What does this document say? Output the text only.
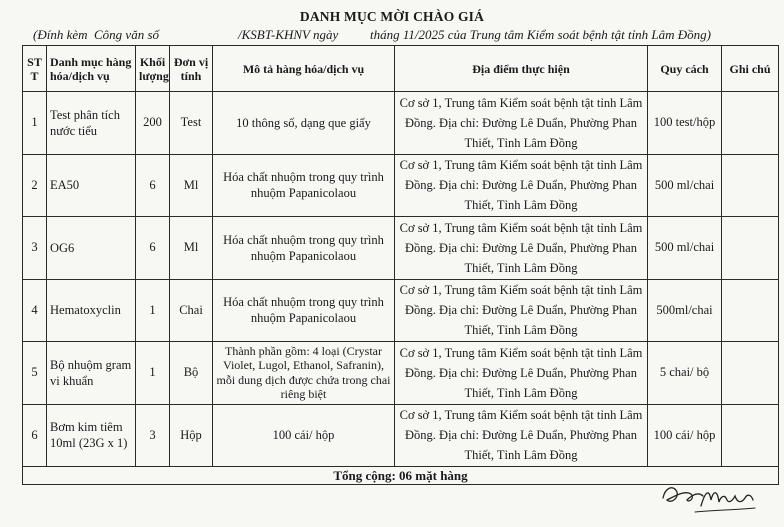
DANH MỤC MỜI CHÀO GIÁ

(Đính kèm  Công văn số

	/KSBT-KHNV ngày

tháng 11/2025 của Trung tâm Kiểm soát bệnh tật tỉnh Lâm Đồng)

ST T	Danh mục hàng hóa/dịch vụ	Khối lượng	Đơn vị tính	Mô tả hàng hóa/dịch vụ	Địa điểm thực hiện	Quy cách	Ghi chú
1	Test phân tích nước tiểu	200	Test	10 thông số, dạng que giấy	Cơ sở 1, Trung tâm Kiểm soát bệnh tật tỉnh Lâm Đồng. Địa chỉ: Đường Lê Duẩn, Phường Phan Thiết, Tỉnh Lâm Đồng	100 test/hộp	
2	EA50	6	Ml	Hóa chất nhuộm trong quy trình nhuộm Papanicolaou	Cơ sở 1, Trung tâm Kiểm soát bệnh tật tỉnh Lâm Đồng. Địa chỉ: Đường Lê Duẩn, Phường Phan Thiết, Tỉnh Lâm Đồng	500 ml/chai	
3	OG6	6	Ml	Hóa chất nhuộm trong quy trình nhuộm Papanicolaou	Cơ sở 1, Trung tâm Kiểm soát bệnh tật tỉnh Lâm Đồng. Địa chỉ: Đường Lê Duẩn, Phường Phan Thiết, Tỉnh Lâm Đồng	500 ml/chai	
4	Hematoxyclin	1	Chai	Hóa chất nhuộm trong quy trình nhuộm Papanicolaou	Cơ sở 1, Trung tâm Kiểm soát bệnh tật tỉnh Lâm Đồng. Địa chỉ: Đường Lê Duẩn, Phường Phan Thiết, Tỉnh Lâm Đồng	500ml/chai	
5	Bộ nhuộm gram vi khuẩn	1	Bộ	Thành phần gồm: 4 loại (Crystar Violet, Lugol, Ethanol, Safranin), mỗi dung dịch được chứa trong chai riêng biệt	Cơ sở 1, Trung tâm Kiểm soát bệnh tật tỉnh Lâm Đồng. Địa chỉ: Đường Lê Duẩn, Phường Phan Thiết, Tỉnh Lâm Đồng	5 chai/ bộ	
6	Bơm kim tiêm 10ml (23G x 1)	3	Hộp	100 cái/ hộp	Cơ sở 1, Trung tâm Kiểm soát bệnh tật tỉnh Lâm Đồng. Địa chỉ: Đường Lê Duẩn, Phường Phan Thiết, Tỉnh Lâm Đồng	100 cái/ hộp	
Tổng cộng: 06 mặt hàng							
